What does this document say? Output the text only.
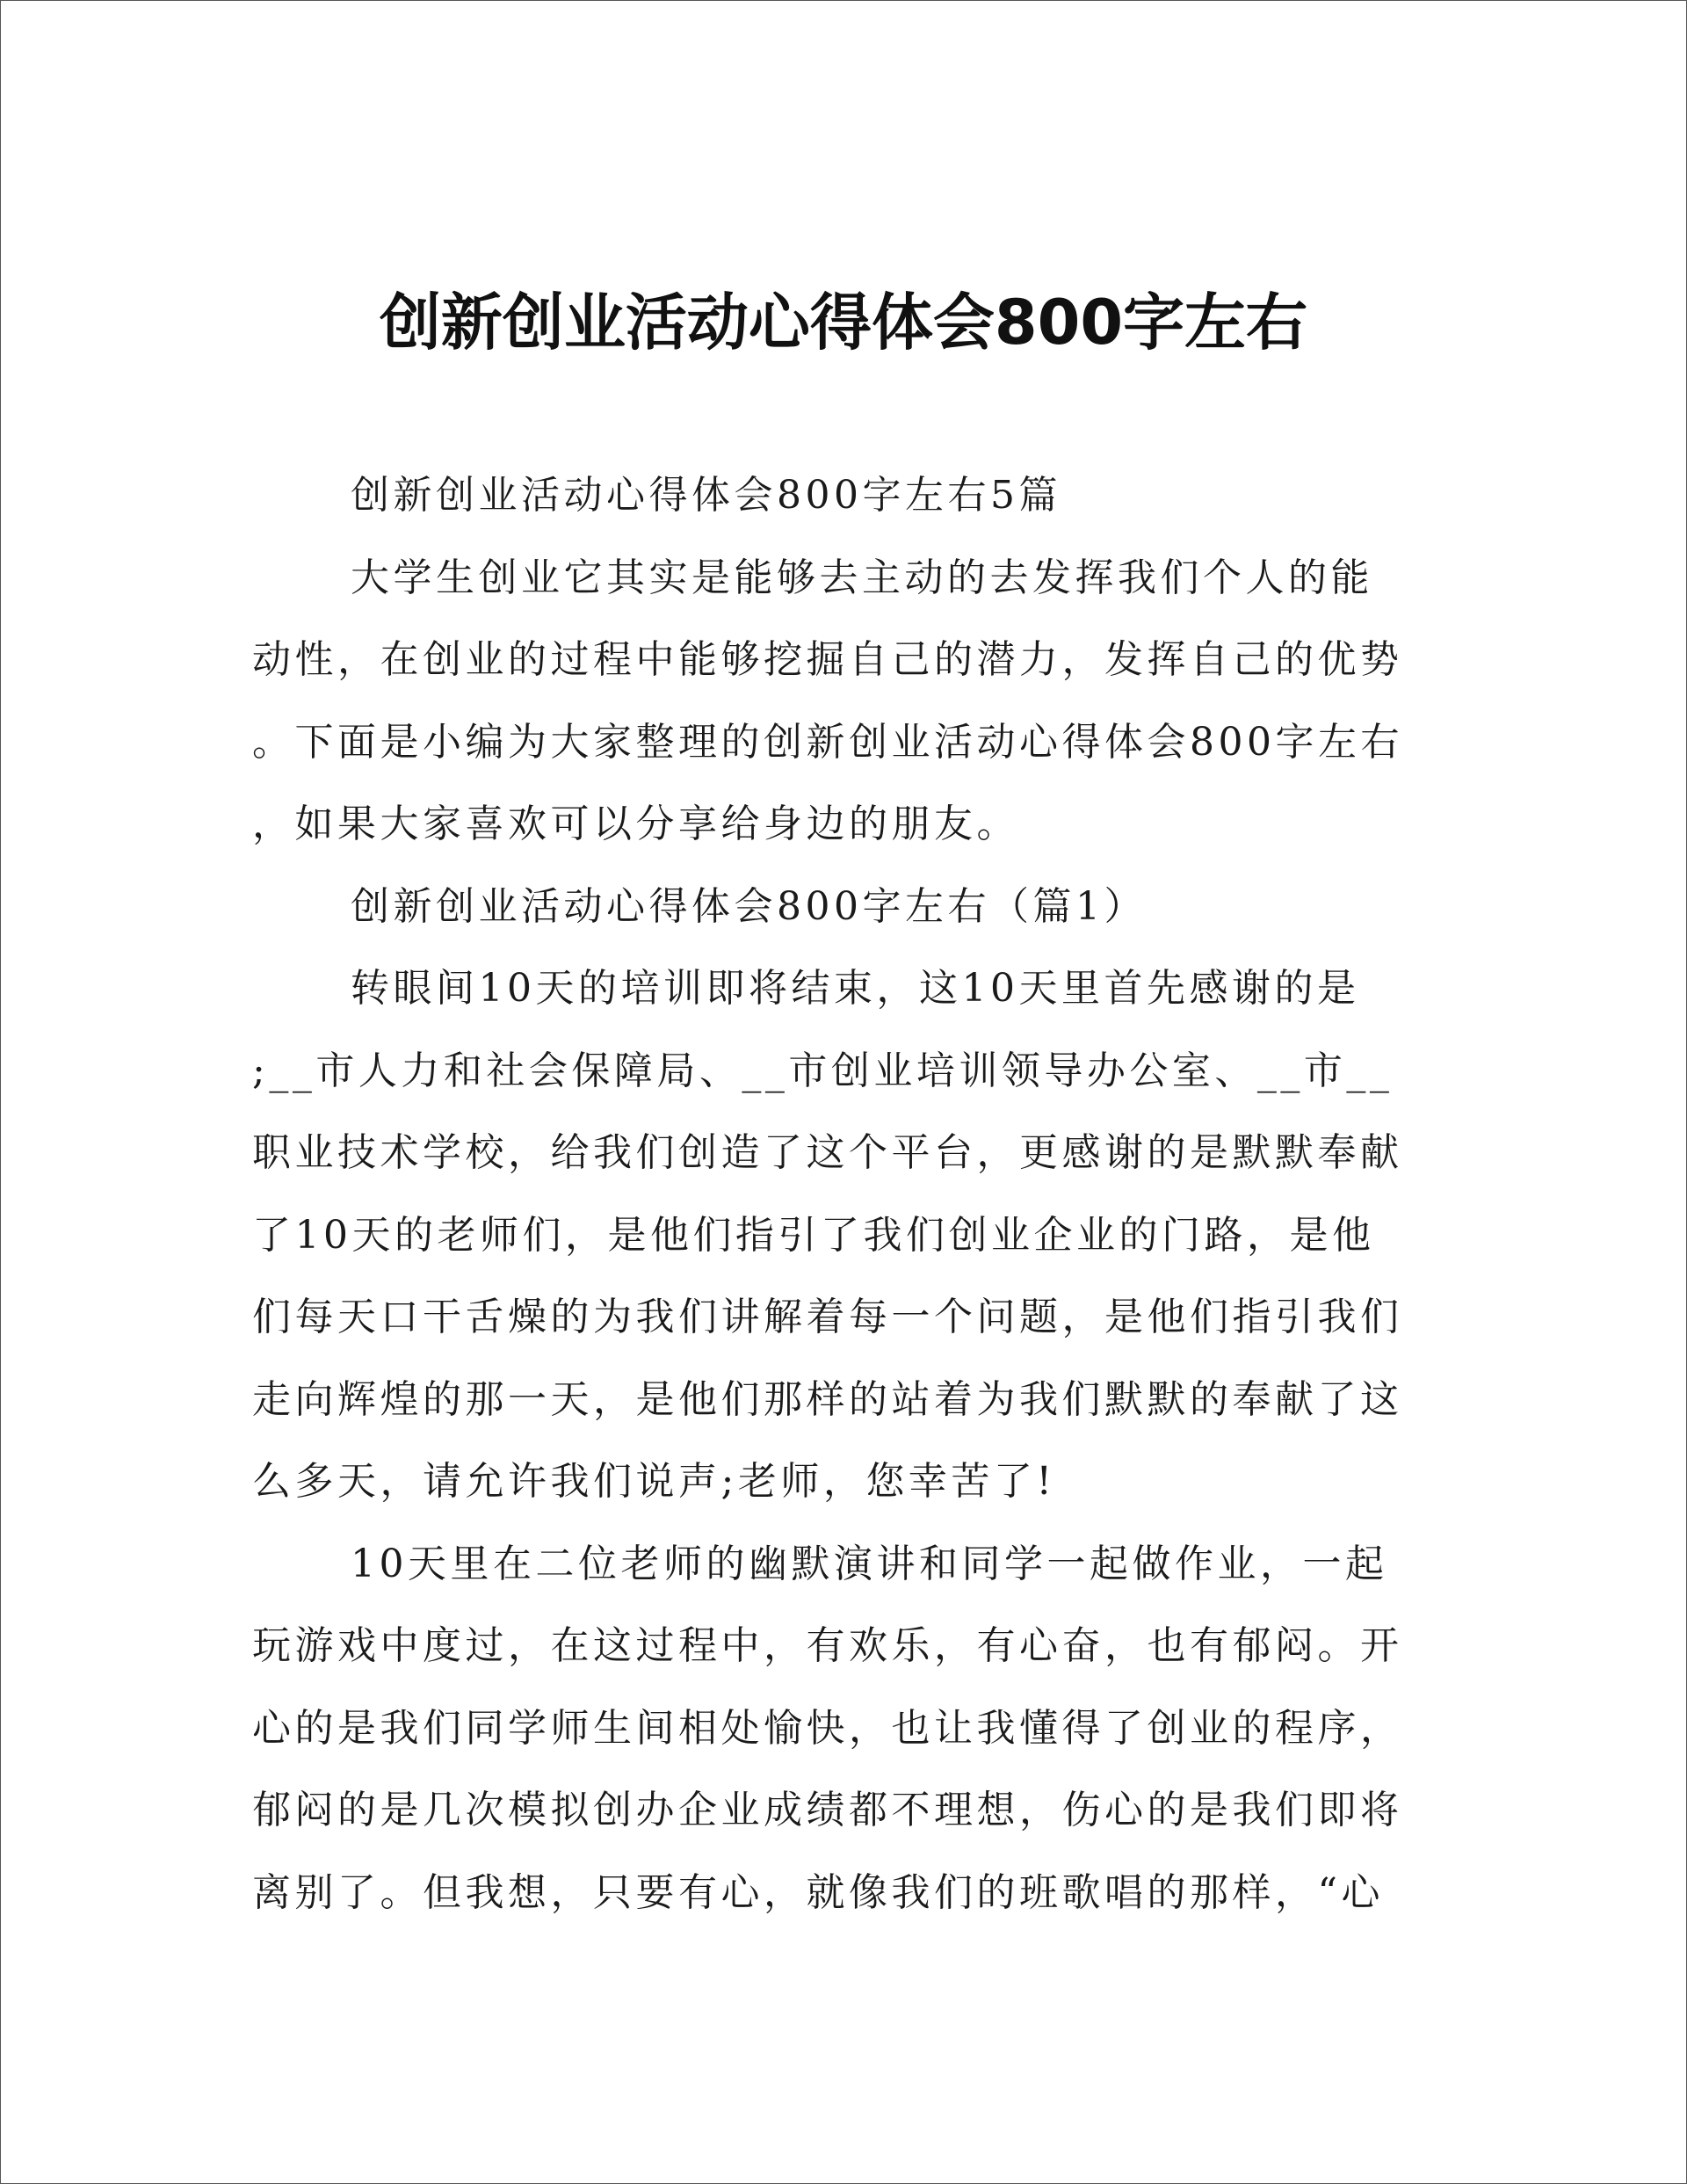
创新创业活动心得体会800字左右

创新创业活动心得体会800字左右5篇

大学生创业它其实是能够去主动的去发挥我们个人的能
动性，在创业的过程中能够挖掘自己的潜力，发挥自己的优势
。下面是小编为大家整理的创新创业活动心得体会800字左右
，如果大家喜欢可以分享给身边的朋友。

创新创业活动心得体会800字左右（篇1）

转眼间10天的培训即将结束，这10天里首先感谢的是
;__市人力和社会保障局、__市创业培训领导办公室、__市__
职业技术学校，给我们创造了这个平台，更感谢的是默默奉献
了10天的老师们，是他们指引了我们创业企业的门路，是他
们每天口干舌燥的为我们讲解着每一个问题，是他们指引我们
走向辉煌的那一天，是他们那样的站着为我们默默的奉献了这
么多天，请允许我们说声;老师，您幸苦了!

10天里在二位老师的幽默演讲和同学一起做作业，一起
玩游戏中度过，在这过程中，有欢乐，有心奋，也有郁闷。开
心的是我们同学师生间相处愉快，也让我懂得了创业的程序，
郁闷的是几次模拟创办企业成绩都不理想，伤心的是我们即将
离别了。但我想，只要有心，就像我们的班歌唱的那样，“心
